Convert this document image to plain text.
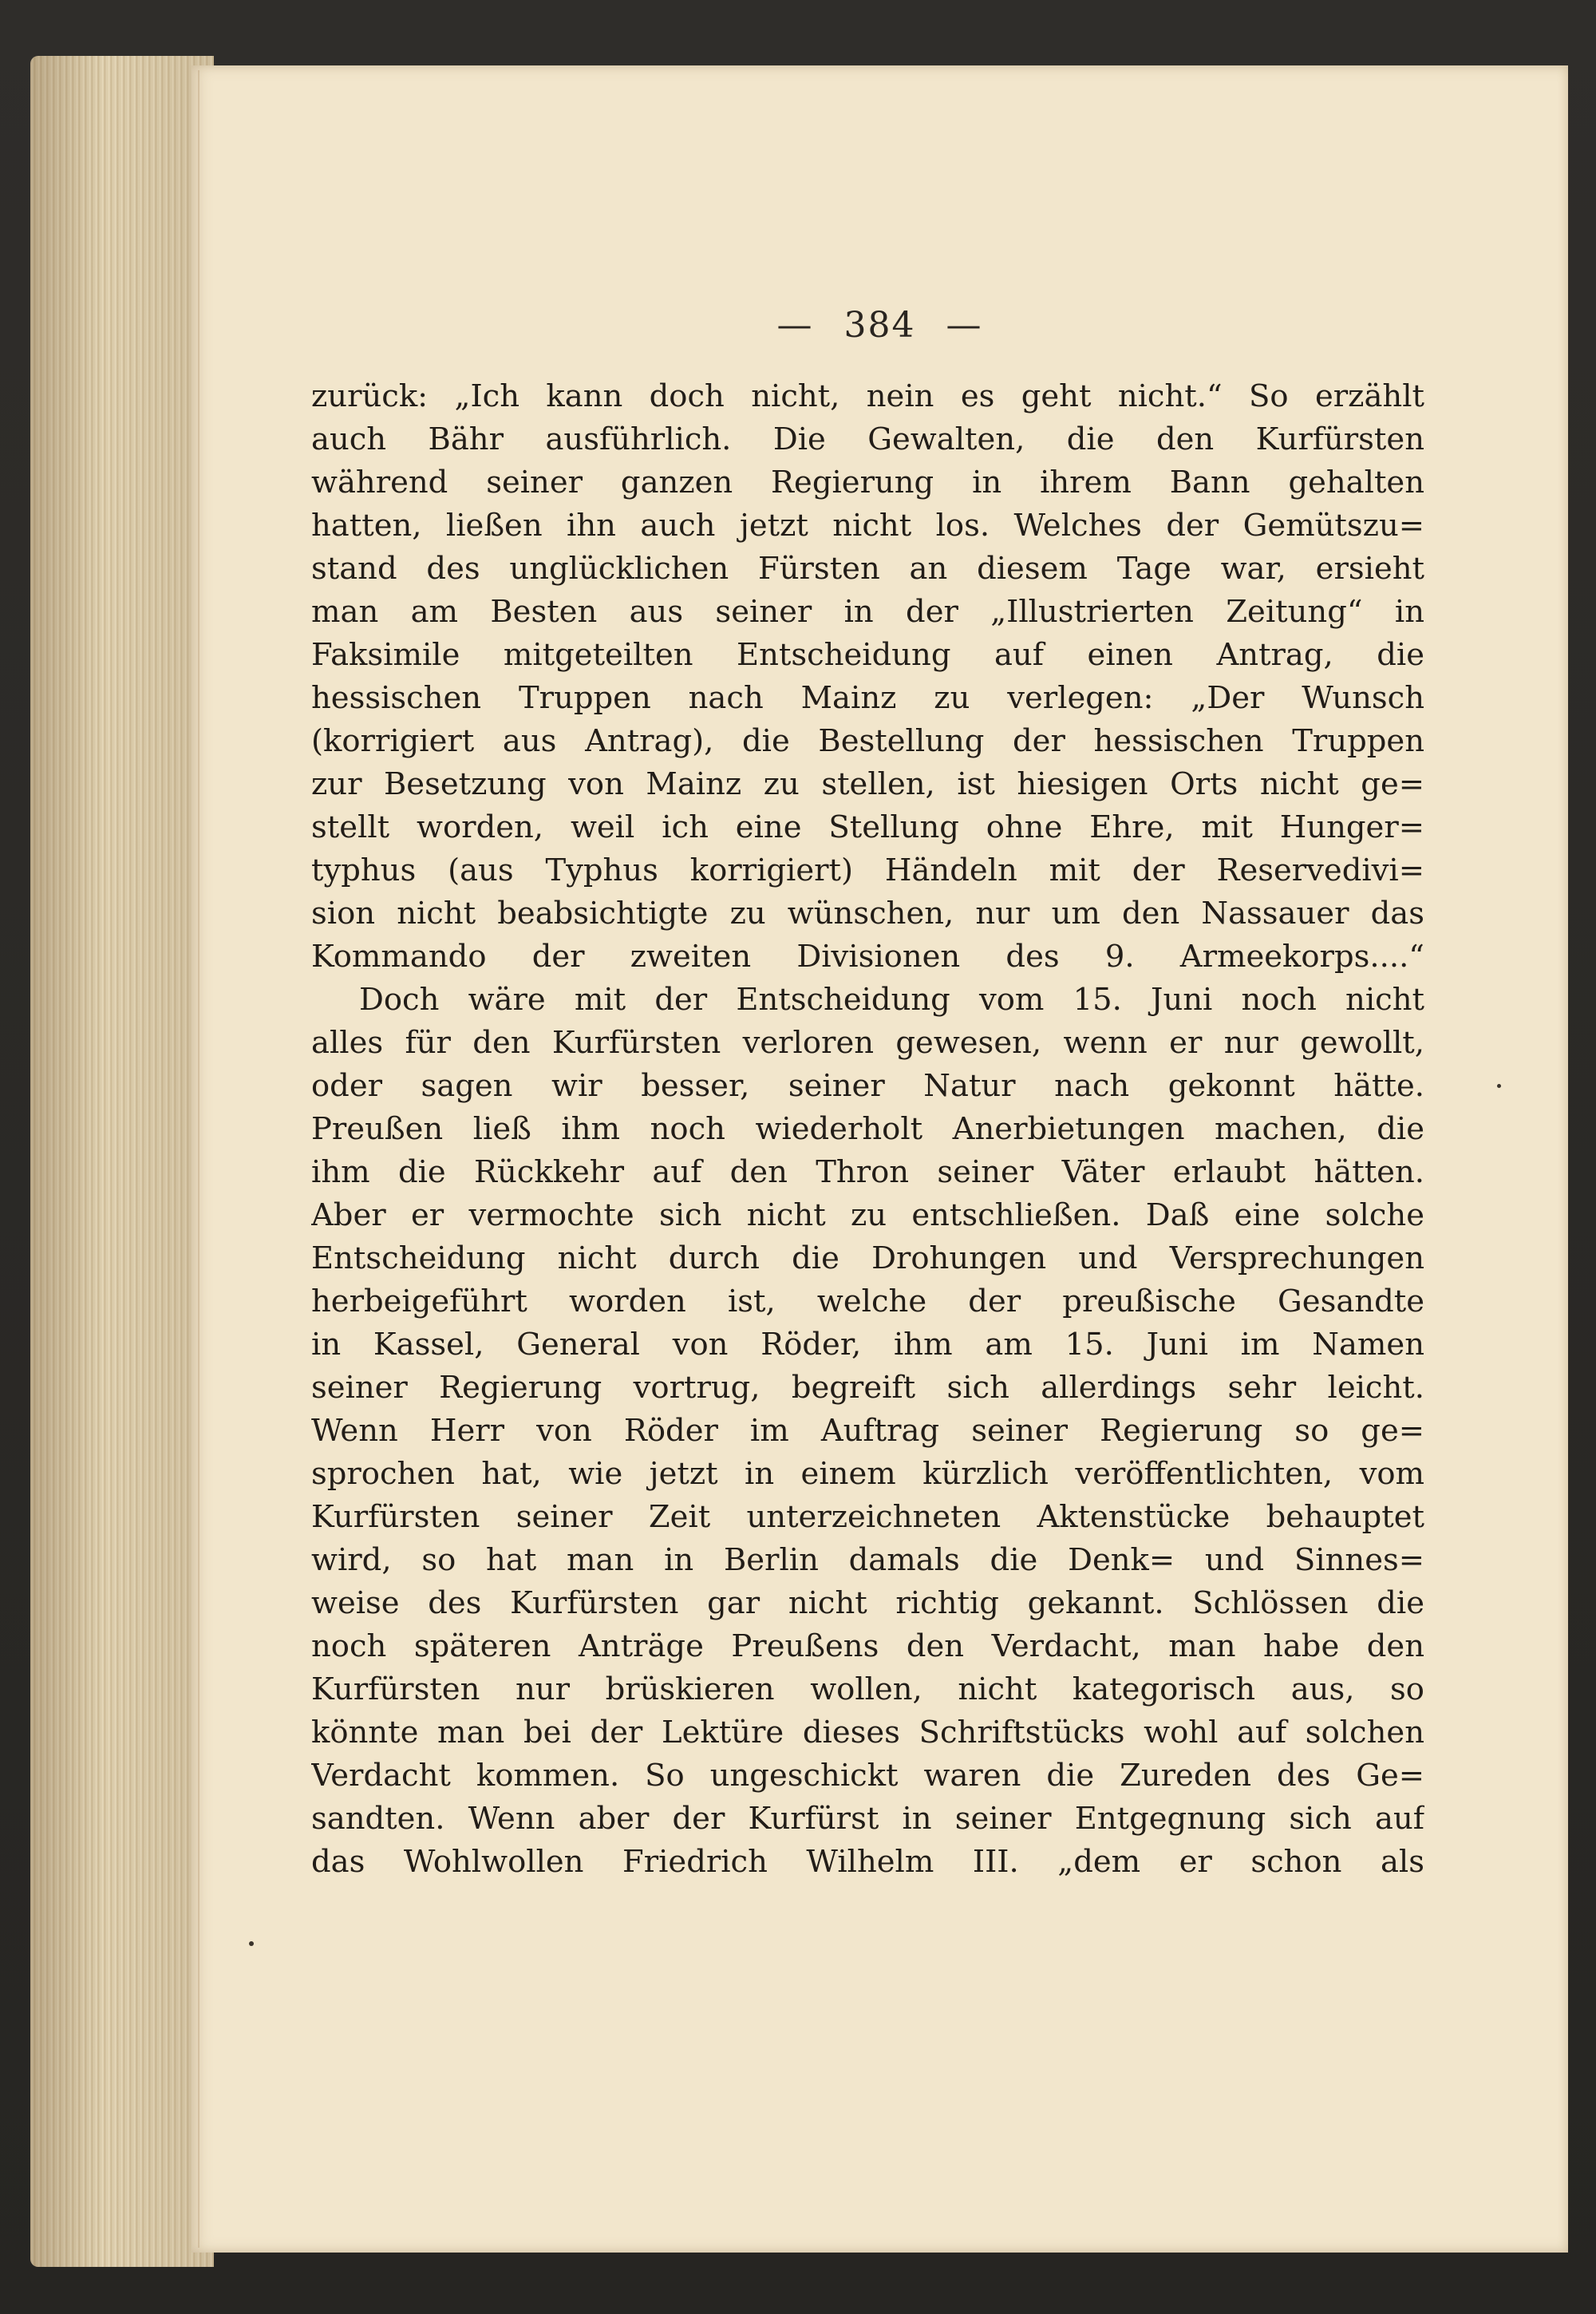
— 384 —
zurück: „Ich kann doch nicht, nein es geht nicht.“ So erzählt
auch Bähr ausführlich. Die Gewalten, die den Kurfürsten
während seiner ganzen Regierung in ihrem Bann gehalten
hatten, ließen ihn auch jetzt nicht los. Welches der Gemütszu=
stand des unglücklichen Fürsten an diesem Tage war, ersieht
man am Besten aus seiner in der „Illustrierten Zeitung“ in
Faksimile mitgeteilten Entscheidung auf einen Antrag, die
hessischen Truppen nach Mainz zu verlegen: „Der Wunsch
(korrigiert aus Antrag), die Bestellung der hessischen Truppen
zur Besetzung von Mainz zu stellen, ist hiesigen Orts nicht ge=
stellt worden, weil ich eine Stellung ohne Ehre, mit Hunger=
typhus (aus Typhus korrigiert) Händeln mit der Reservedivi=
sion nicht beabsichtigte zu wünschen, nur um den Nassauer das
Kommando der zweiten Divisionen des 9. Armeekorps....“
Doch wäre mit der Entscheidung vom 15. Juni noch nicht
alles für den Kurfürsten verloren gewesen, wenn er nur gewollt,
oder sagen wir besser, seiner Natur nach gekonnt hätte.
Preußen ließ ihm noch wiederholt Anerbietungen machen, die
ihm die Rückkehr auf den Thron seiner Väter erlaubt hätten.
Aber er vermochte sich nicht zu entschließen. Daß eine solche
Entscheidung nicht durch die Drohungen und Versprechungen
herbeigeführt worden ist, welche der preußische Gesandte
in Kassel, General von Röder, ihm am 15. Juni im Namen
seiner Regierung vortrug, begreift sich allerdings sehr leicht.
Wenn Herr von Röder im Auftrag seiner Regierung so ge=
sprochen hat, wie jetzt in einem kürzlich veröffentlichten, vom
Kurfürsten seiner Zeit unterzeichneten Aktenstücke behauptet
wird, so hat man in Berlin damals die Denk= und Sinnes=
weise des Kurfürsten gar nicht richtig gekannt. Schlössen die
noch späteren Anträge Preußens den Verdacht, man habe den
Kurfürsten nur brüskieren wollen, nicht kategorisch aus, so
könnte man bei der Lektüre dieses Schriftstücks wohl auf solchen
Verdacht kommen. So ungeschickt waren die Zureden des Ge=
sandten. Wenn aber der Kurfürst in seiner Entgegnung sich auf
das Wohlwollen Friedrich Wilhelm III. „dem er schon als
